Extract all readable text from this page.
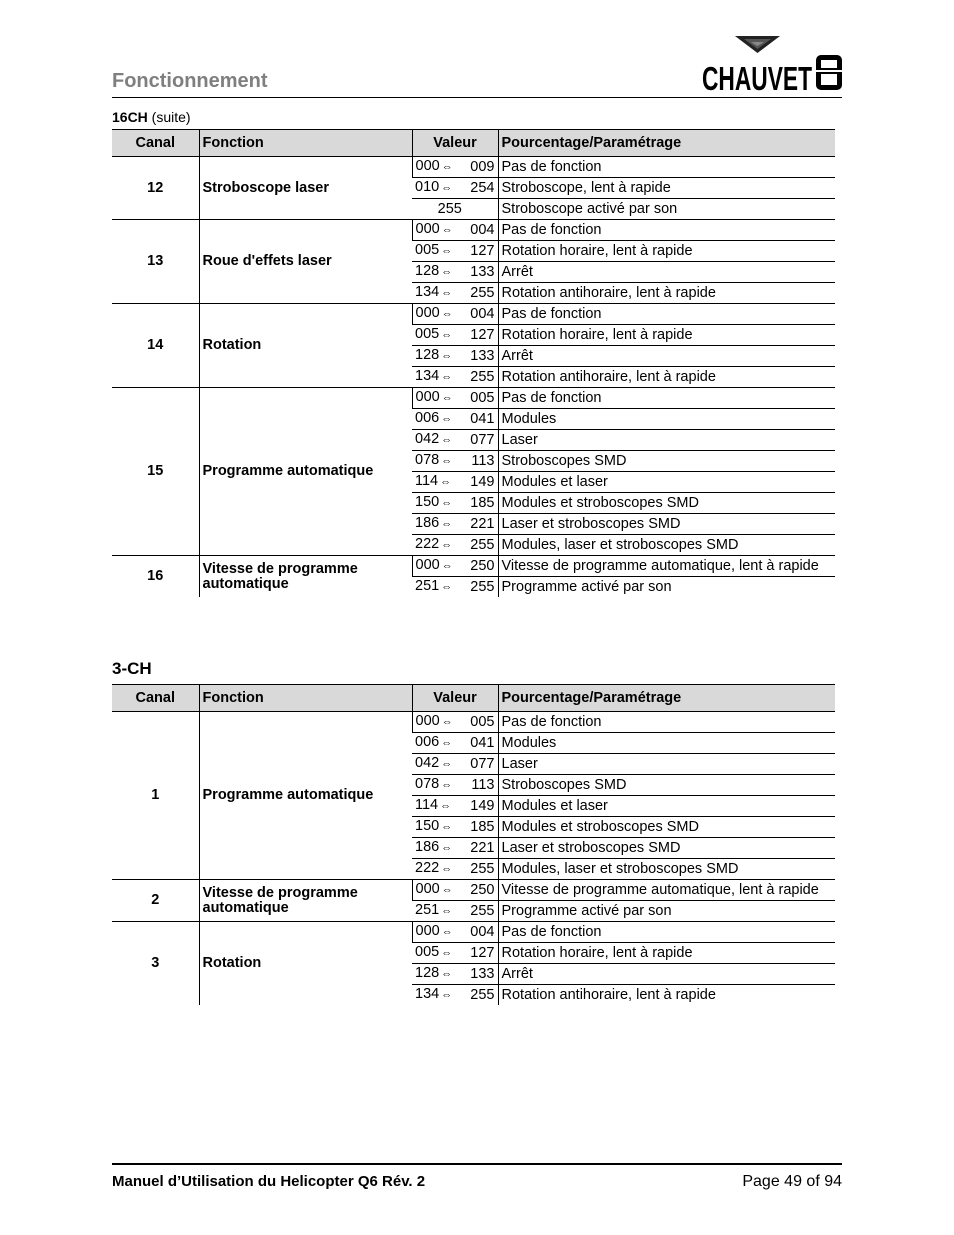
Fonctionnement	CHAUVET
16CH (suite)
Canal	Fonction	Valeur	Pourcentage/Paramétrage
12	Stroboscope laser	000 ⇔ 009	Pas de fonction

		010 ⇔ 254	Stroboscope, lent à rapide

		255	Stroboscope activé par son
13	Roue d'effets laser	000 ⇔ 004	Pas de fonction

		005 ⇔ 127	Rotation horaire, lent à rapide

		128 ⇔ 133	Arrêt

		134 ⇔ 255	Rotation antihoraire, lent à rapide
14	Rotation	000 ⇔ 004	Pas de fonction

		005 ⇔ 127	Rotation horaire, lent à rapide

		128 ⇔ 133	Arrêt

		134 ⇔ 255	Rotation antihoraire, lent à rapide
15	Programme automatique	000 ⇔ 005	Pas de fonction

		006 ⇔ 041	Modules

		042 ⇔ 077	Laser

		078 ⇔ 113	Stroboscopes SMD

		114 ⇔ 149	Modules et laser

		150 ⇔ 185	Modules et stroboscopes SMD

		186 ⇔ 221	Laser et stroboscopes SMD

		222 ⇔ 255	Modules, laser et stroboscopes SMD
16	Vitesse de programme automatique	000 ⇔ 250	Vitesse de programme automatique, lent à rapide

		251 ⇔ 255	Programme activé par son
3-CH
Canal	Fonction	Valeur	Pourcentage/Paramétrage
1	Programme automatique	000 ⇔ 005	Pas de fonction

		006 ⇔ 041	Modules

		042 ⇔ 077	Laser

		078 ⇔ 113	Stroboscopes SMD

		114 ⇔ 149	Modules et laser

		150 ⇔ 185	Modules et stroboscopes SMD

		186 ⇔ 221	Laser et stroboscopes SMD

		222 ⇔ 255	Modules, laser et stroboscopes SMD
2	Vitesse de programme automatique	000 ⇔ 250	Vitesse de programme automatique, lent à rapide

		251 ⇔ 255	Programme activé par son
3	Rotation	000 ⇔ 004	Pas de fonction

		005 ⇔ 127	Rotation horaire, lent à rapide

		128 ⇔ 133	Arrêt

		134 ⇔ 255	Rotation antihoraire, lent à rapide
Manuel d’Utilisation du Helicopter Q6 Rév. 2	Page 49 of 94
